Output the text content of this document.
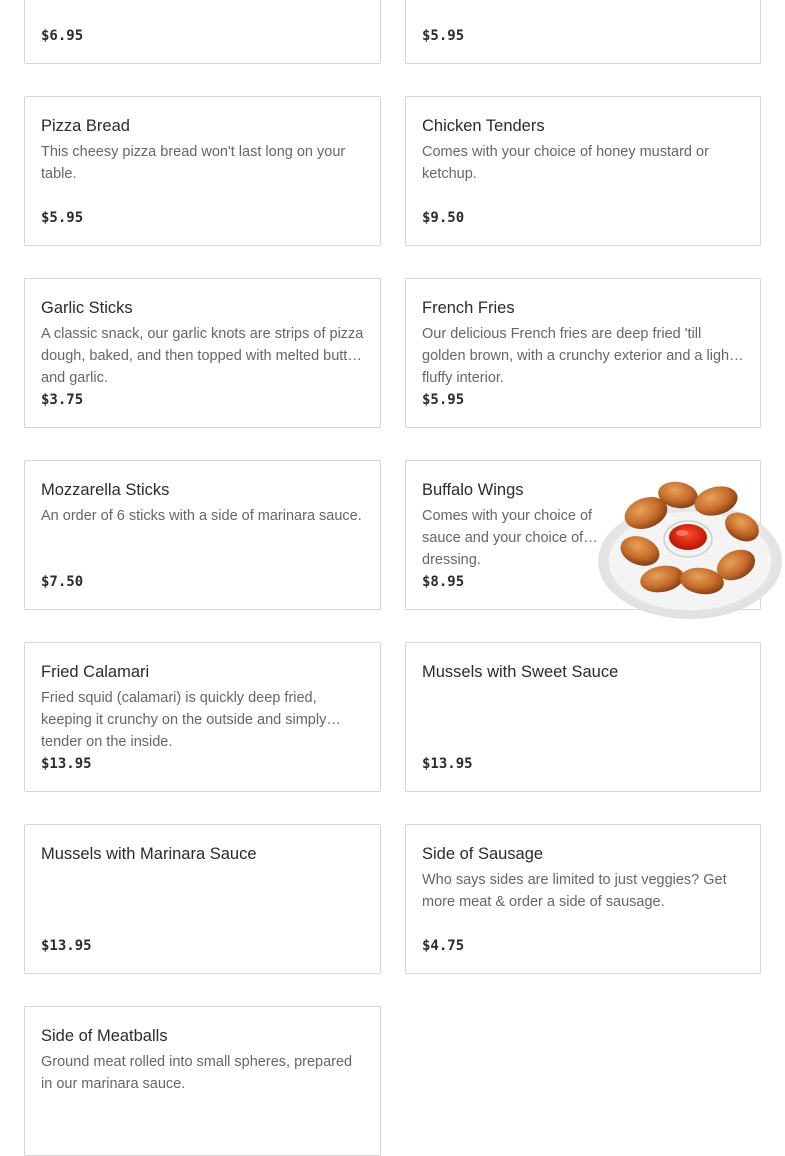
$6.95	$5.95
Pizza Bread
This cheesy pizza bread won't last long on your table.
$5.95
Chicken Tenders
Comes with your choice of honey mustard or ketchup.
$9.50
Garlic Sticks
A classic snack, our garlic knots are strips of pizza dough, baked, and then topped with melted butter and garlic.
$3.75
French Fries
Our delicious French fries are deep fried 'till golden brown, with a crunchy exterior and a light fluffy interior.
$5.95
Mozzarella Sticks
An order of 6 sticks with a side of marinara sauce.
$7.50
Buffalo Wings
Comes with your choice of sauce and your choice of dressing.
$8.95
Fried Calamari
Fried squid (calamari) is quickly deep fried, keeping it crunchy on the outside and simply tender on the inside.
$13.95
Mussels with Sweet Sauce
$13.95
Mussels with Marinara Sauce
$13.95
Side of Sausage
Who says sides are limited to just veggies? Get more meat & order a side of sausage.
$4.75
Side of Meatballs
Ground meat rolled into small spheres, prepared in our marinara sauce.
